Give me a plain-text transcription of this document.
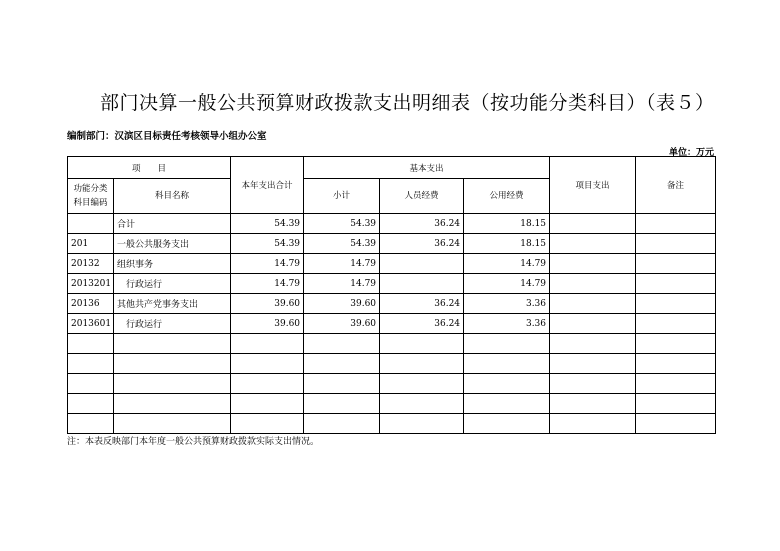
部门决算一般公共预算财政拨款支出明细表（按功能分类科目）（表５）
编制部门：汉滨区目标责任考核领导小组办公室
单位：万元
项　　目		本年支出合计	基本支出			项目支出	备注
功能分类科目编码	科目名称		小计	人员经费	公用经费		
	合计	54.39	54.39	36.24	18.15		
201	一般公共服务支出	54.39	54.39	36.24	18.15		
20132	组织事务	14.79	14.79		14.79		
2013201	行政运行	14.79	14.79		14.79		
20136	其他共产党事务支出	39.60	39.60	36.24	3.36		
2013601	行政运行	39.60	39.60	36.24	3.36		

注：本表反映部门本年度一般公共预算财政拨款实际支出情况。
